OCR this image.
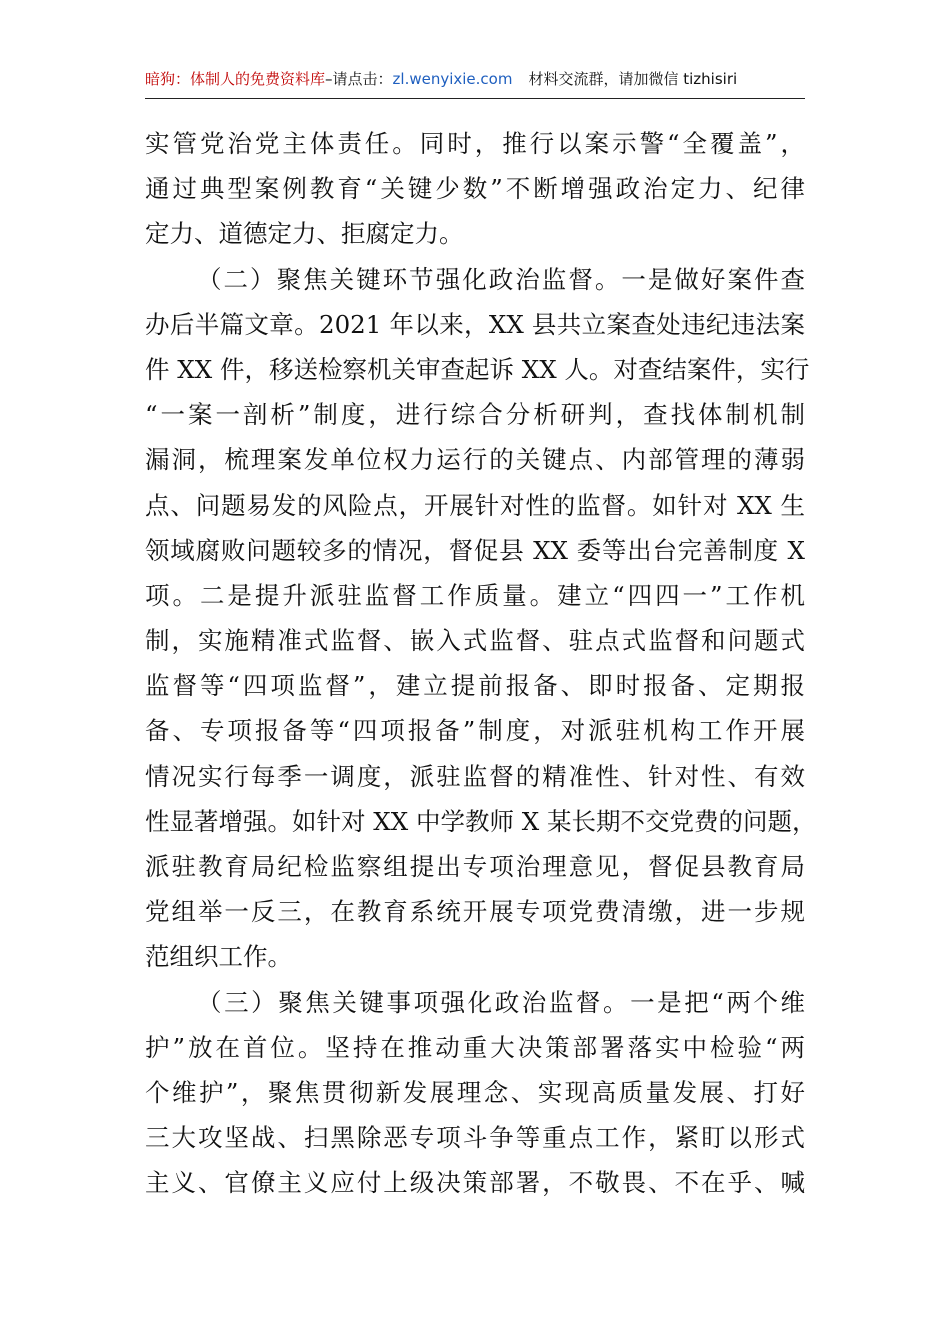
暗狗：体制人的免费资料库–请点击：zl.wenyixie.com 材料交流群，请加微信 tizhisiri
实管党治党主体责任。同时，推行以案示警“全覆盖”，
通过典型案例教育“关键少数”不断增强政治定力、纪律
定力、道德定力、拒腐定力。
（二）聚焦关键环节强化政治监督。一是做好案件查
办后半篇文章。2021 年以来，XX 县共立案查处违纪违法案
件 XX 件，移送检察机关审查起诉 XX 人。对查结案件，实行
“一案一剖析”制度，进行综合分析研判，查找体制机制
漏洞，梳理案发单位权力运行的关键点、内部管理的薄弱
点、问题易发的风险点，开展针对性的监督。如针对 XX 生
领域腐败问题较多的情况，督促县 XX 委等出台完善制度 X
项。二是提升派驻监督工作质量。建立“四四一”工作机
制，实施精准式监督、嵌入式监督、驻点式监督和问题式
监督等“四项监督”，建立提前报备、即时报备、定期报
备、专项报备等“四项报备”制度，对派驻机构工作开展
情况实行每季一调度，派驻监督的精准性、针对性、有效
性显著增强。如针对 XX 中学教师 X 某长期不交党费的问题，
派驻教育局纪检监察组提出专项治理意见，督促县教育局
党组举一反三，在教育系统开展专项党费清缴，进一步规
范组织工作。
（三）聚焦关键事项强化政治监督。一是把“两个维
护”放在首位。坚持在推动重大决策部署落实中检验“两
个维护”，聚焦贯彻新发展理念、实现高质量发展、打好
三大攻坚战、扫黑除恶专项斗争等重点工作，紧盯以形式
主义、官僚主义应付上级决策部署，不敬畏、不在乎、喊
